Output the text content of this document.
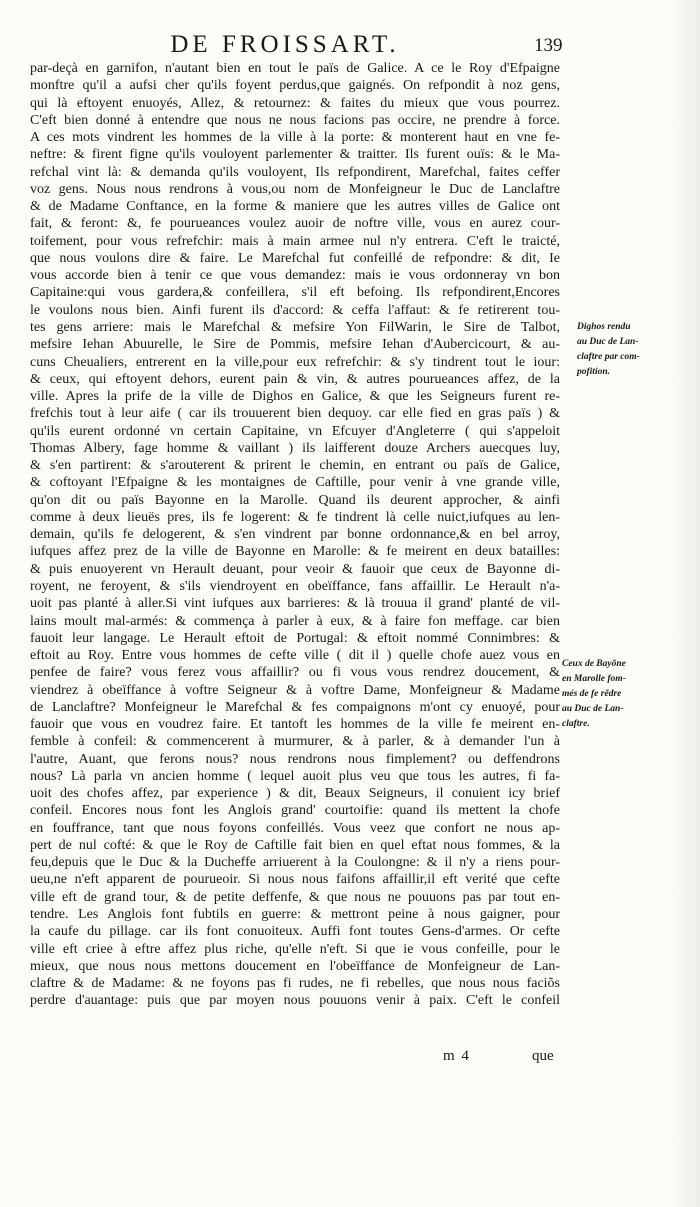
DE FROISSART.	139
par-deçà en garnifon, n'autant bien en tout le païs de Galice. A ce le Roy d'Efpaigne
monftre qu'il a aufsi cher qu'ils foyent perdus,que gaignés. On refpondit à noz gens,
qui là eftoyent enuoyés, Allez, & retournez: & faites du mieux que vous pourrez.
C'eft bien donné à entendre que nous ne nous facions pas occire, ne prendre à force.
A ces mots vindrent les hommes de la ville à la porte: & monterent haut en vne fe-
neftre: & firent figne qu'ils vouloyent parlementer & traitter. Ils furent ouïs: & le Ma-
refchal vint là: & demanda qu'ils vouloyent, Ils refpondirent, Marefchal, faites ceffer
voz gens. Nous nous rendrons à vous,ou nom de Monfeigneur le Duc de Lanclaftre
& de Madame Conftance, en la forme & maniere que les autres villes de Galice ont
fait, & feront: &, fe pourueances voulez auoir de noftre ville, vous en aurez cour-
toifement, pour vous refrefchir: mais à main armee nul n'y entrera. C'eft le traicté,
que nous voulons dire & faire. Le Marefchal fut confeillé de refpondre: & dit, Ie
vous accorde bien à tenir ce que vous demandez: mais ie vous ordonneray vn bon
Capitaine:qui vous gardera,& confeillera, s'il eft befoing. Ils refpondirent,Encores
le voulons nous bien. Ainfi furent ils d'accord: & ceffa l'affaut: & fe retirerent tou-
tes gens arriere: mais le Marefchal & mefsire Yon FilWarin, le Sire de Talbot,
mefsire Iehan Abuurelle, le Sire de Pommis, mefsire Iehan d'Aubercicourt, & au-
cuns Cheualiers, entrerent en la ville,pour eux refrefchir: & s'y tindrent tout le iour:
& ceux, qui eftoyent dehors, eurent pain & vin, & autres pourueances affez, de la
ville. Apres la prife de la ville de Dighos en Galice, & que les Seigneurs furent re-
frefchis tout à leur aife ( car ils trouuerent bien dequoy. car elle fied en gras païs ) &
qu'ils eurent ordonné vn certain Capitaine, vn Efcuyer d'Angleterre ( qui s'appeloit
Thomas Albery, fage homme & vaillant ) ils laifferent douze Archers auecques luy,
& s'en partirent: & s'arouterent & prirent le chemin, en entrant ou païs de Galice,
& coftoyant l'Efpaigne & les montaignes de Caftille, pour venir à vne grande ville,
qu'on dit ou païs Bayonne en la Marolle. Quand ils deurent approcher, & ainfi
comme à deux lieuës pres, ils fe logerent: & fe tindrent là celle nuict,iufques au len-
demain, qu'ils fe delogerent, & s'en vindrent par bonne ordonnance,& en bel arroy,
iufques affez prez de la ville de Bayonne en Marolle: & fe meirent en deux batailles:
& puis enuoyerent vn Herault deuant, pour veoir & fauoir que ceux de Bayonne di-
royent, ne feroyent, & s'ils viendroyent en obeïffance, fans affaillir. Le Herault n'a-
uoit pas planté à aller.Si vint iufques aux barrieres: & là trouua il grand' planté de vil-
lains moult mal-armés: & commença à parler à eux, & à faire fon meffage. car bien
fauoit leur langage. Le Herault eftoit de Portugal: & eftoit nommé Connimbres: &
eftoit au Roy. Entre vous hommes de cefte ville ( dit il ) quelle chofe auez vous en
penfee de faire? vous ferez vous affaillir? ou fi vous vous rendrez doucement, &
viendrez à obeïffance à voftre Seigneur & à voftre Dame, Monfeigneur & Madame
de Lanclaftre? Monfeigneur le Marefchal & fes compaignons m'ont cy enuoyé, pour
fauoir que vous en voudrez faire. Et tantoft les hommes de la ville fe meirent en-
femble à confeil: & commencerent à murmurer, & à parler, & à demander l'un à
l'autre, Auant, que ferons nous? nous rendrons nous fimplement? ou deffendrons
nous? Là parla vn ancien homme ( lequel auoit plus veu que tous les autres, fi fa-
uoit des chofes affez, par experience ) & dit, Beaux Seigneurs, il conuient icy brief
confeil. Encores nous font les Anglois grand' courtoifie: quand ils mettent la chofe
en fouffrance, tant que nous foyons confeillés. Vous veez que confort ne nous ap-
pert de nul cofté: & que le Roy de Caftille fait bien en quel eftat nous fommes, & la
feu,depuis que le Duc & la Ducheffe arriuerent à la Coulongne: & il n'y a riens pour-
ueu,ne n'eft apparent de pourueoir. Si nous nous faifons affaillir,il eft verité que cefte
ville eft de grand tour, & de petite deffenfe, & que nous ne pouuons pas par tout en-
tendre. Les Anglois font fubtils en guerre: & mettront peine à nous gaigner, pour
la caufe du pillage. car ils font conuoiteux. Auffi font toutes Gens-d'armes. Or cefte
ville eft criee à eftre affez plus riche, qu'elle n'eft. Si que ie vous confeille, pour le
mieux, que nous nous mettons doucement en l'obeïffance de Monfeigneur de Lan-
claftre & de Madame: & ne foyons pas fi rudes, ne fi rebelles, que nous nous faciõs
perdre d'auantage: puis que par moyen nous pouuons venir à paix. C'eft le confeil
Dighos rendu
au Duc de Lan-
claftre par com-
pofition.
Ceux de Bayõne
en Marolle fom-
més de fe rẽdre
au Duc de Lan-
claftre.
m 4	que
